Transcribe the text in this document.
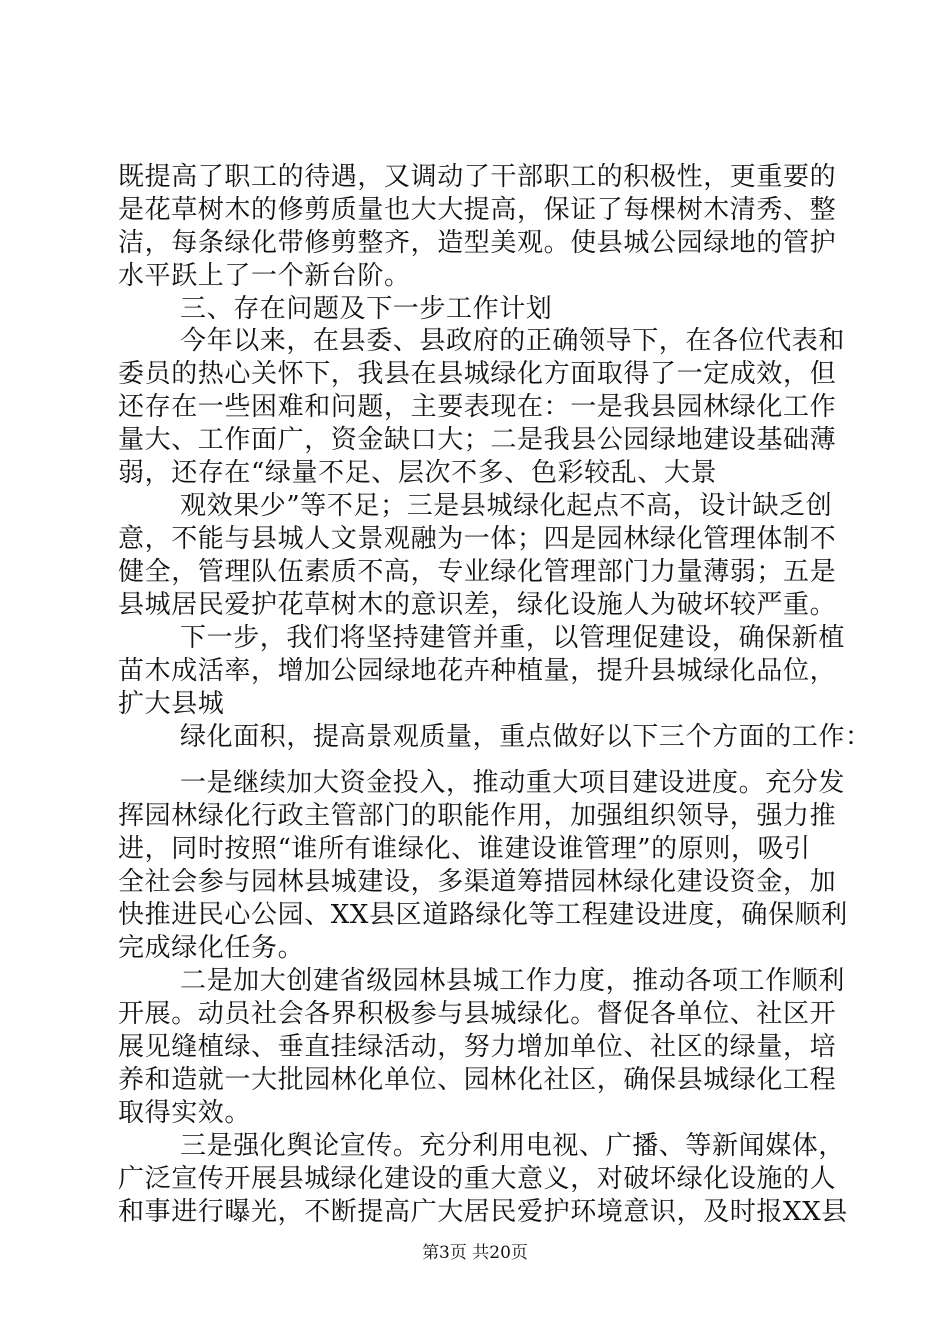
既提高了职工的待遇，又调动了干部职工的积极性，更重要的
是花草树木的修剪质量也大大提高，保证了每棵树木清秀、整
洁，每条绿化带修剪整齐，造型美观。使县城公园绿地的管护
水平跃上了一个新台阶。
三、存在问题及下一步工作计划
今年以来，在县委、县政府的正确领导下，在各位代表和
委员的热心关怀下，我县在县城绿化方面取得了一定成效，但
还存在一些困难和问题，主要表现在：一是我县园林绿化工作
量大、工作面广，资金缺口大；二是我县公园绿地建设基础薄
弱，还存在“绿量不足、层次不多、色彩较乱、大景
观效果少”等不足；三是县城绿化起点不高，设计缺乏创
意，不能与县城人文景观融为一体；四是园林绿化管理体制不
健全，管理队伍素质不高，专业绿化管理部门力量薄弱；五是
县城居民爱护花草树木的意识差，绿化设施人为破坏较严重。
下一步，我们将坚持建管并重，以管理促建设，确保新植
苗木成活率，增加公园绿地花卉种植量，提升县城绿化品位，
扩大县城
绿化面积，提高景观质量，重点做好以下三个方面的工作：
一是继续加大资金投入，推动重大项目建设进度。充分发
挥园林绿化行政主管部门的职能作用，加强组织领导，强力推
进，同时按照“谁所有谁绿化、谁建设谁管理”的原则，吸引
全社会参与园林县城建设，多渠道筹措园林绿化建设资金，加
快推进民心公园、XX县区道路绿化等工程建设进度，确保顺利
完成绿化任务。
二是加大创建省级园林县城工作力度，推动各项工作顺利
开展。动员社会各界积极参与县城绿化。督促各单位、社区开
展见缝植绿、垂直挂绿活动，努力增加单位、社区的绿量，培
养和造就一大批园林化单位、园林化社区，确保县城绿化工程
取得实效。
三是强化舆论宣传。充分利用电视、广播、等新闻媒体，
广泛宣传开展县城绿化建设的重大意义，对破坏绿化设施的人
和事进行曝光，不断提高广大居民爱护环境意识，及时报XX县
第3页 共20页
